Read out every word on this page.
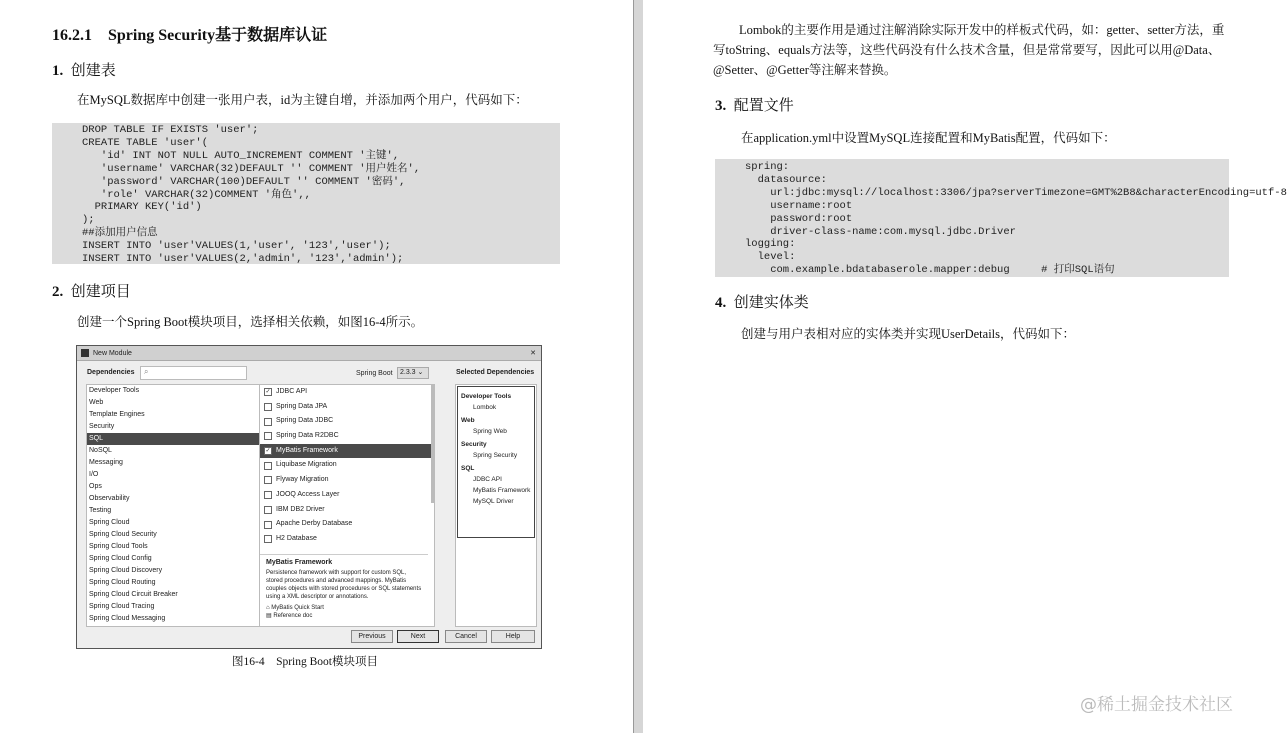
16.2.1　Spring Security基于数据库认证
1. 创建表
在MySQL数据库中创建一张用户表，id为主键自增，并添加两个用户，代码如下：
DROP TABLE IF EXISTS 'user';
CREATE TABLE 'user'(
'id' INT NOT NULL AUTO_INCREMENT COMMENT '主键',
'username' VARCHAR(32)DEFAULT '' COMMENT '用户姓名',
'password' VARCHAR(100)DEFAULT '' COMMENT '密码',
'role' VARCHAR(32)COMMENT '角色',,
PRIMARY KEY('id')
);
##添加用户信息
INSERT INTO 'user'VALUES(1,'user', '123','user');
INSERT INTO 'user'VALUES(2,'admin', '123','admin');
2. 创建项目
创建一个Spring Boot模块项目，选择相关依赖，如图16-4所示。
New Module	✕
Dependencies ⌕	Spring Boot	2.3.3 ⌄	Selected Dependencies
Developer Tools
Web
Template Engines
Security
SQL
NoSQL
Messaging
I/O
Ops
Observability
Testing
Spring Cloud
Spring Cloud Security
Spring Cloud Tools
Spring Cloud Config
Spring Cloud Discovery
Spring Cloud Routing
Spring Cloud Circuit Breaker
Spring Cloud Tracing
Spring Cloud Messaging
✓ JDBC API
Spring Data JPA
Spring Data JDBC
Spring Data R2DBC
✓ MyBatis Framework
Liquibase Migration
Flyway Migration
JOOQ Access Layer
IBM DB2 Driver
Apache Derby Database
H2 Database
MyBatis Framework
Persistence framework with support for custom SQL, stored procedures and advanced mappings. MyBatis couples objects with stored procedures or SQL statements using a XML descriptor or annotations.
⌂ MyBatis Quick Start
▤ Reference doc
Developer Tools
Lombok
Web
Spring Web
Security
Spring Security
SQL
JDBC API
MyBatis Framework
MySQL Driver
Previous	Next	Cancel	Help
图16-4　Spring Boot模块项目
Lombok的主要作用是通过注解消除实际开发中的样板式代码，如：getter、setter方法，重写toString、equals方法等，这些代码没有什么技术含量，但是常常要写，因此可以用@Data、@Setter、@Getter等注解来替换。
3. 配置文件
在application.yml中设置MySQL连接配置和MyBatis配置，代码如下：
spring:
datasource:
url:jdbc:mysql://localhost:3306/jpa?serverTimezone=GMT%2B8&characterEncoding=utf-8
username:root
password:root
driver-class-name:com.mysql.jdbc.Driver
logging:
level:
com.example.bdatabaserole.mapper:debug     # 打印SQL语句
4. 创建实体类
创建与用户表相对应的实体类并实现UserDetails，代码如下：
@稀土掘金技术社区
